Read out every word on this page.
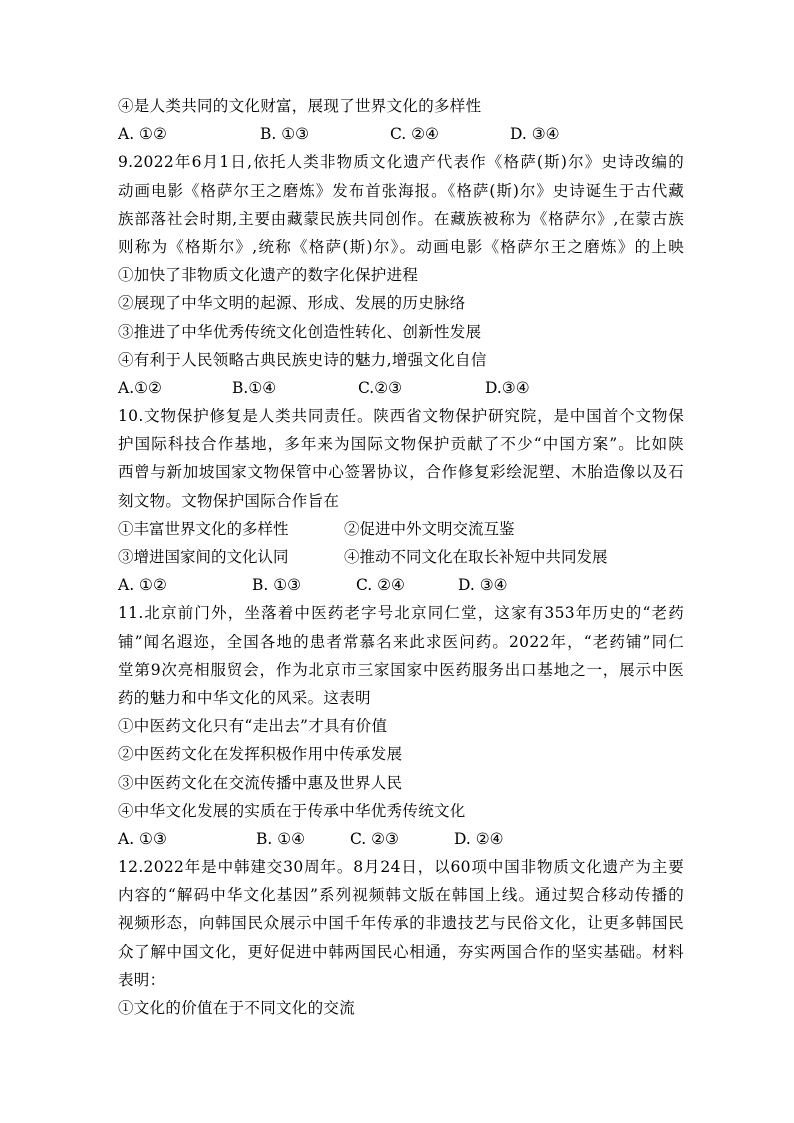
④是人类共同的文化财富，展现了世界文化的多样性
A. ①②	B. ①③	C. ②④	D. ③④
9.2022年6月1日,依托人类非物质文化遗产代表作《格萨(斯)尔》史诗改编的
动画电影《格萨尔王之磨炼》发布首张海报。《格萨(斯)尔》史诗诞生于古代藏
族部落社会时期,主要由藏蒙民族共同创作。在藏族被称为《格萨尔》,在蒙古族
则称为《格斯尔》,统称《格萨(斯)尔》。动画电影《格萨尔王之磨炼》的上映
①加快了非物质文化遗产的数字化保护进程
②展现了中华文明的起源、形成、发展的历史脉络
③推进了中华优秀传统文化创造性转化、创新性发展
④有利于人民领略古典民族史诗的魅力,增强文化自信
A.①②	B.①④	C.②③	D.③④
10.文物保护修复是人类共同责任。陕西省文物保护研究院，是中国首个文物保
护国际科技合作基地，多年来为国际文物保护贡献了不少“中国方案”。比如陕
西曾与新加坡国家文物保管中心签署协议，合作修复彩绘泥塑、木胎造像以及石
刻文物。文物保护国际合作旨在
①丰富世界文化的多样性	②促进中外文明交流互鉴
③增进国家间的文化认同	④推动不同文化在取长补短中共同发展
A. ①②	B. ①③	C. ②④	D. ③④
11.北京前门外，坐落着中医药老字号北京同仁堂，这家有353年历史的“老药
铺”闻名遐迩，全国各地的患者常慕名来此求医问药。2022年，“老药铺”同仁
堂第9次亮相服贸会，作为北京市三家国家中医药服务出口基地之一，展示中医
药的魅力和中华文化的风采。这表明
①中医药文化只有“走出去”才具有价值
②中医药文化在发挥积极作用中传承发展
③中医药文化在交流传播中惠及世界人民
④中华文化发展的实质在于传承中华优秀传统文化
A. ①③	B. ①④	C. ②③	D. ②④
12.2022年是中韩建交30周年。8月24日，以60项中国非物质文化遗产为主要
内容的“解码中华文化基因”系列视频韩文版在韩国上线。通过契合移动传播的
视频形态，向韩国民众展示中国千年传承的非遗技艺与民俗文化，让更多韩国民
众了解中国文化，更好促进中韩两国民心相通，夯实两国合作的坚实基础。材料
表明：
①文化的价值在于不同文化的交流
